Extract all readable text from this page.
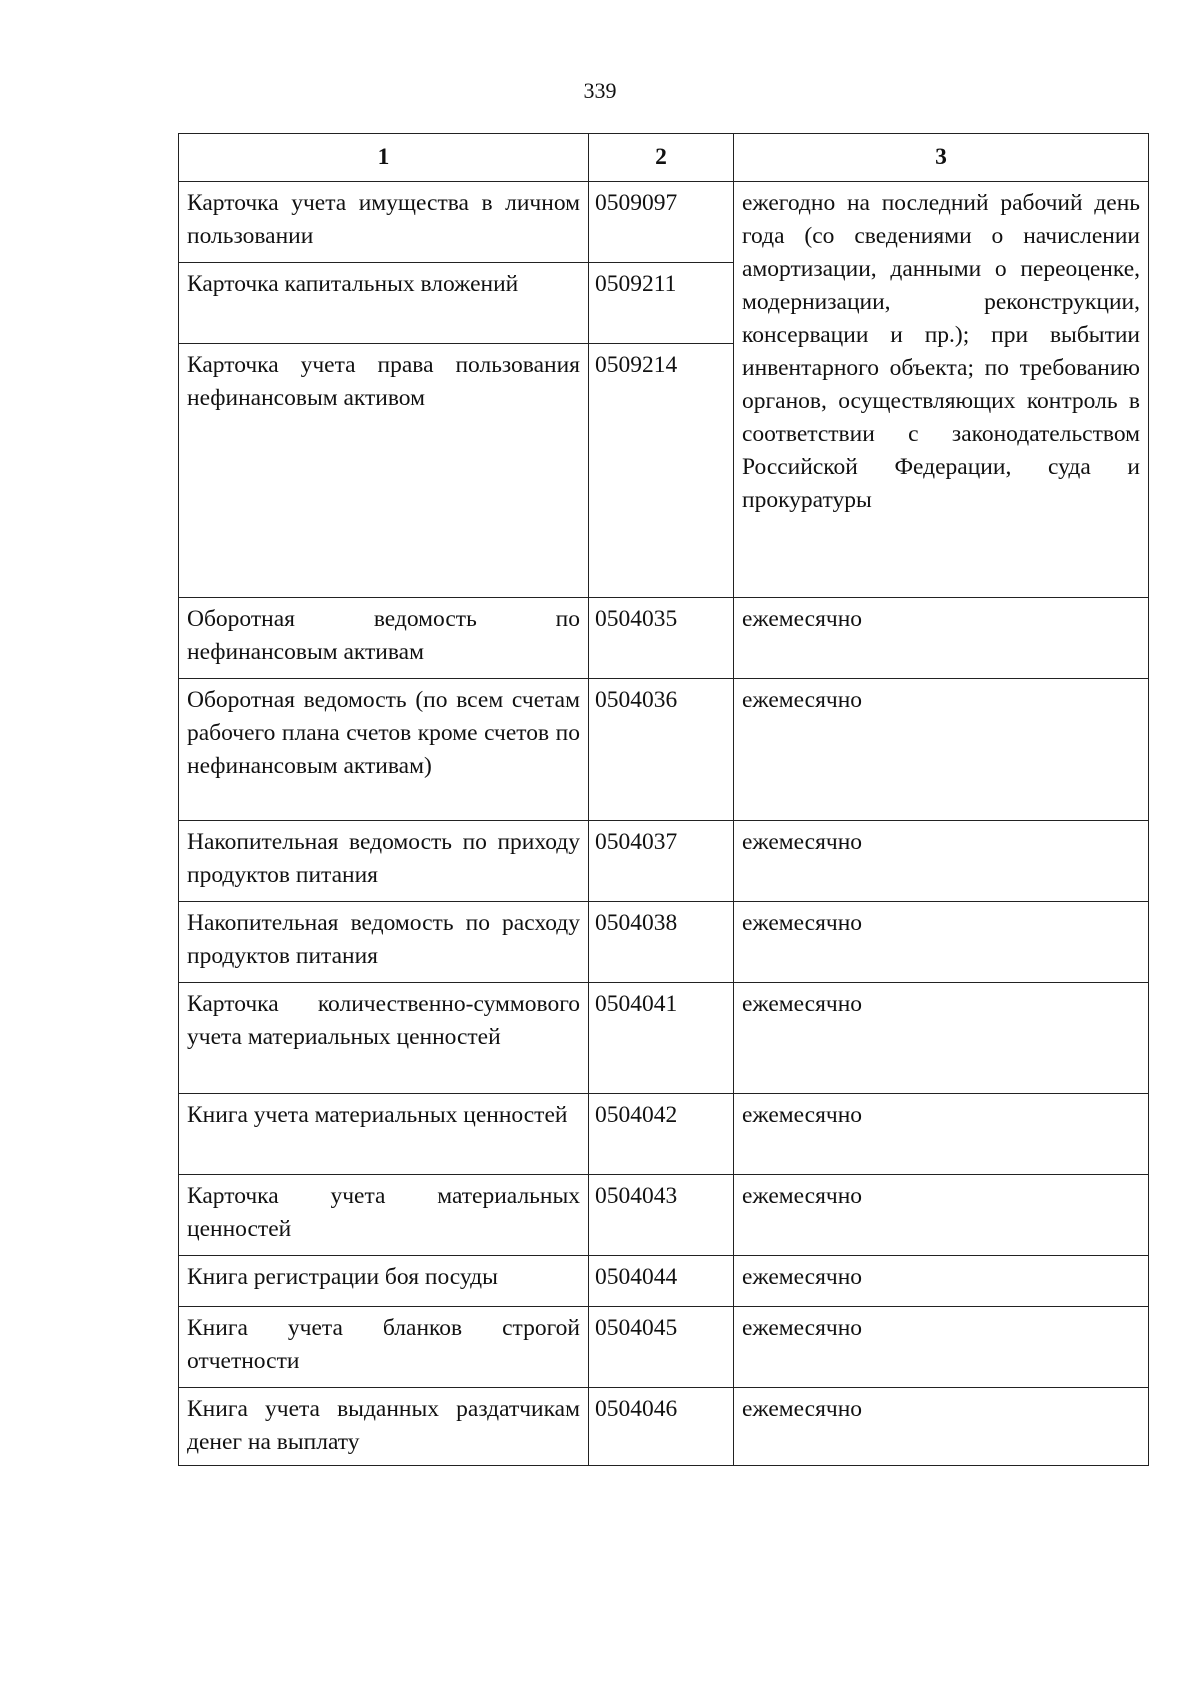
339
1	2	3
Карточка учета имущества в личном пользовании	0509097	ежегодно на последний рабочий день года (со сведениями о начислении амортизации, данными о переоценке, модернизации, реконструкции, консервации и пр.); при выбытии инвентарного объекта; по требованию органов, осуществляющих контроль в соответствии с законодательством Российской Федерации, суда и прокуратуры
Карточка капитальных вложений	0509211	
Карточка учета права пользования нефинансовым активом	0509214	
Оборотная ведомость по нефинансовым активам	0504035	ежемесячно
Оборотная ведомость (по всем счетам рабочего плана счетов кроме счетов по нефинансовым активам)	0504036	ежемесячно
Накопительная ведомость по приходу продуктов питания	0504037	ежемесячно
Накопительная ведомость по расходу продуктов питания	0504038	ежемесячно
Карточка количественно-суммового учета материальных ценностей	0504041	ежемесячно
Книга учета материальных ценностей	0504042	ежемесячно
Карточка учета материальных ценностей	0504043	ежемесячно
Книга регистрации боя посуды	0504044	ежемесячно
Книга учета бланков строгой отчетности	0504045	ежемесячно
Книга учета выданных раздатчикам денег на выплату	0504046	ежемесячно
